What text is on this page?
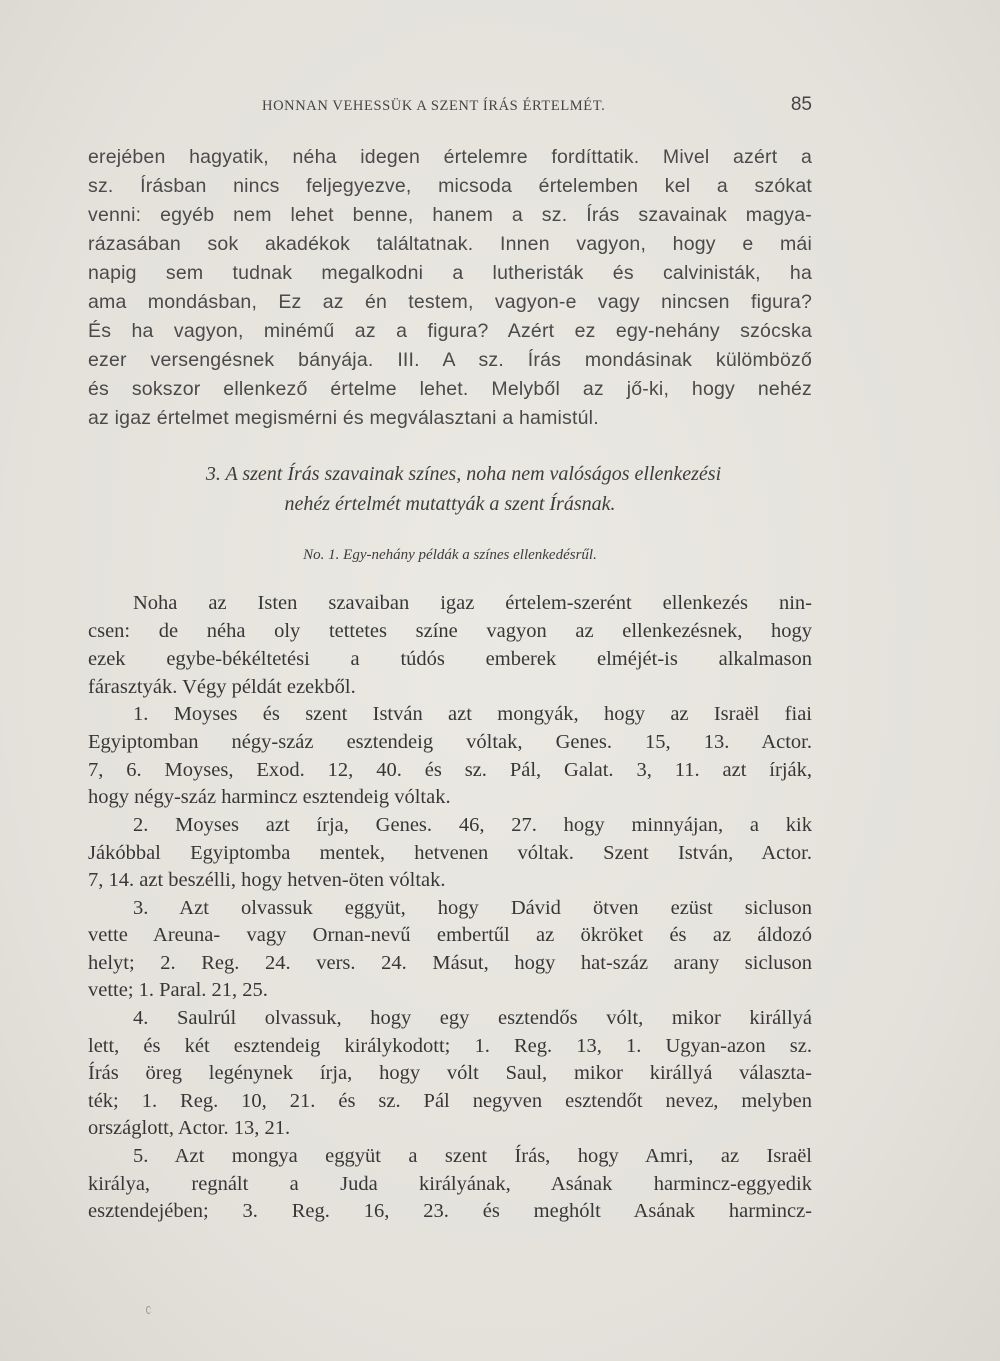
HONNAN VEHESSÜK A SZENT ÍRÁS ÉRTELMÉT.	85
erejében hagyatik, néha idegen értelemre fordíttatik. Mivel azért a
sz. Írásban nincs feljegyezve, micsoda értelemben kel a szókat
venni: egyéb nem lehet benne, hanem a sz. Írás szavainak magya-
rázasában sok akadékok találtatnak. Innen vagyon, hogy e mái
napig sem tudnak megalkodni a lutheristák és calvinisták, ha
ama mondásban, Ez az én testem, vagyon-e vagy nincsen figura?
És ha vagyon, minémű az a figura? Azért ez egy-nehány szócska
ezer versengésnek bányája. III. A sz. Írás mondásinak külömböző
és sokszor ellenkező értelme lehet. Melyből az jő-ki, hogy nehéz
az igaz értelmet megismérni és megválasztani a hamistúl.
3. A szent Írás szavainak színes, noha nem valóságos ellenkezési
nehéz értelmét mutattyák a szent Írásnak.
No. 1. Egy-nehány példák a színes ellenkedésrűl.
Noha az Isten szavaiban igaz értelem-szerént ellenkezés nin-
csen: de néha oly tettetes színe vagyon az ellenkezésnek, hogy
ezek egybe-békéltetési a túdós emberek elméjét-is alkalmason
fárasztyák. Végy példát ezekből.
1. Moyses és szent István azt mongyák, hogy az Israël fiai
Egyiptomban négy-száz esztendeig vóltak, Genes. 15, 13. Actor.
7, 6. Moyses, Exod. 12, 40. és sz. Pál, Galat. 3, 11. azt írják,
hogy négy-száz harmincz esztendeig vóltak.
2. Moyses azt írja, Genes. 46, 27. hogy minnyájan, a kik
Jákóbbal Egyiptomba mentek, hetvenen vóltak. Szent István, Actor.
7, 14. azt beszélli, hogy hetven-öten vóltak.
3. Azt olvassuk eggyüt, hogy Dávid ötven ezüst sicluson
vette Areuna- vagy Ornan-nevű embertűl az ökröket és az áldozó
helyt; 2. Reg. 24. vers. 24. Másut, hogy hat-száz arany sicluson
vette; 1. Paral. 21, 25.
4. Saulrúl olvassuk, hogy egy esztendős vólt, mikor királlyá
lett, és két esztendeig királykodott; 1. Reg. 13, 1. Ugyan-azon sz.
Írás öreg legénynek írja, hogy vólt Saul, mikor királlyá választa-
ték; 1. Reg. 10, 21. és sz. Pál negyven esztendőt nevez, melyben
országlott, Actor. 13, 21.
5. Azt mongya eggyüt a szent Írás, hogy Amri, az Israël
királya, regnált a Juda királyának, Asának harmincz-eggyedik
esztendejében; 3. Reg. 16, 23. és meghólt Asának harmincz-
